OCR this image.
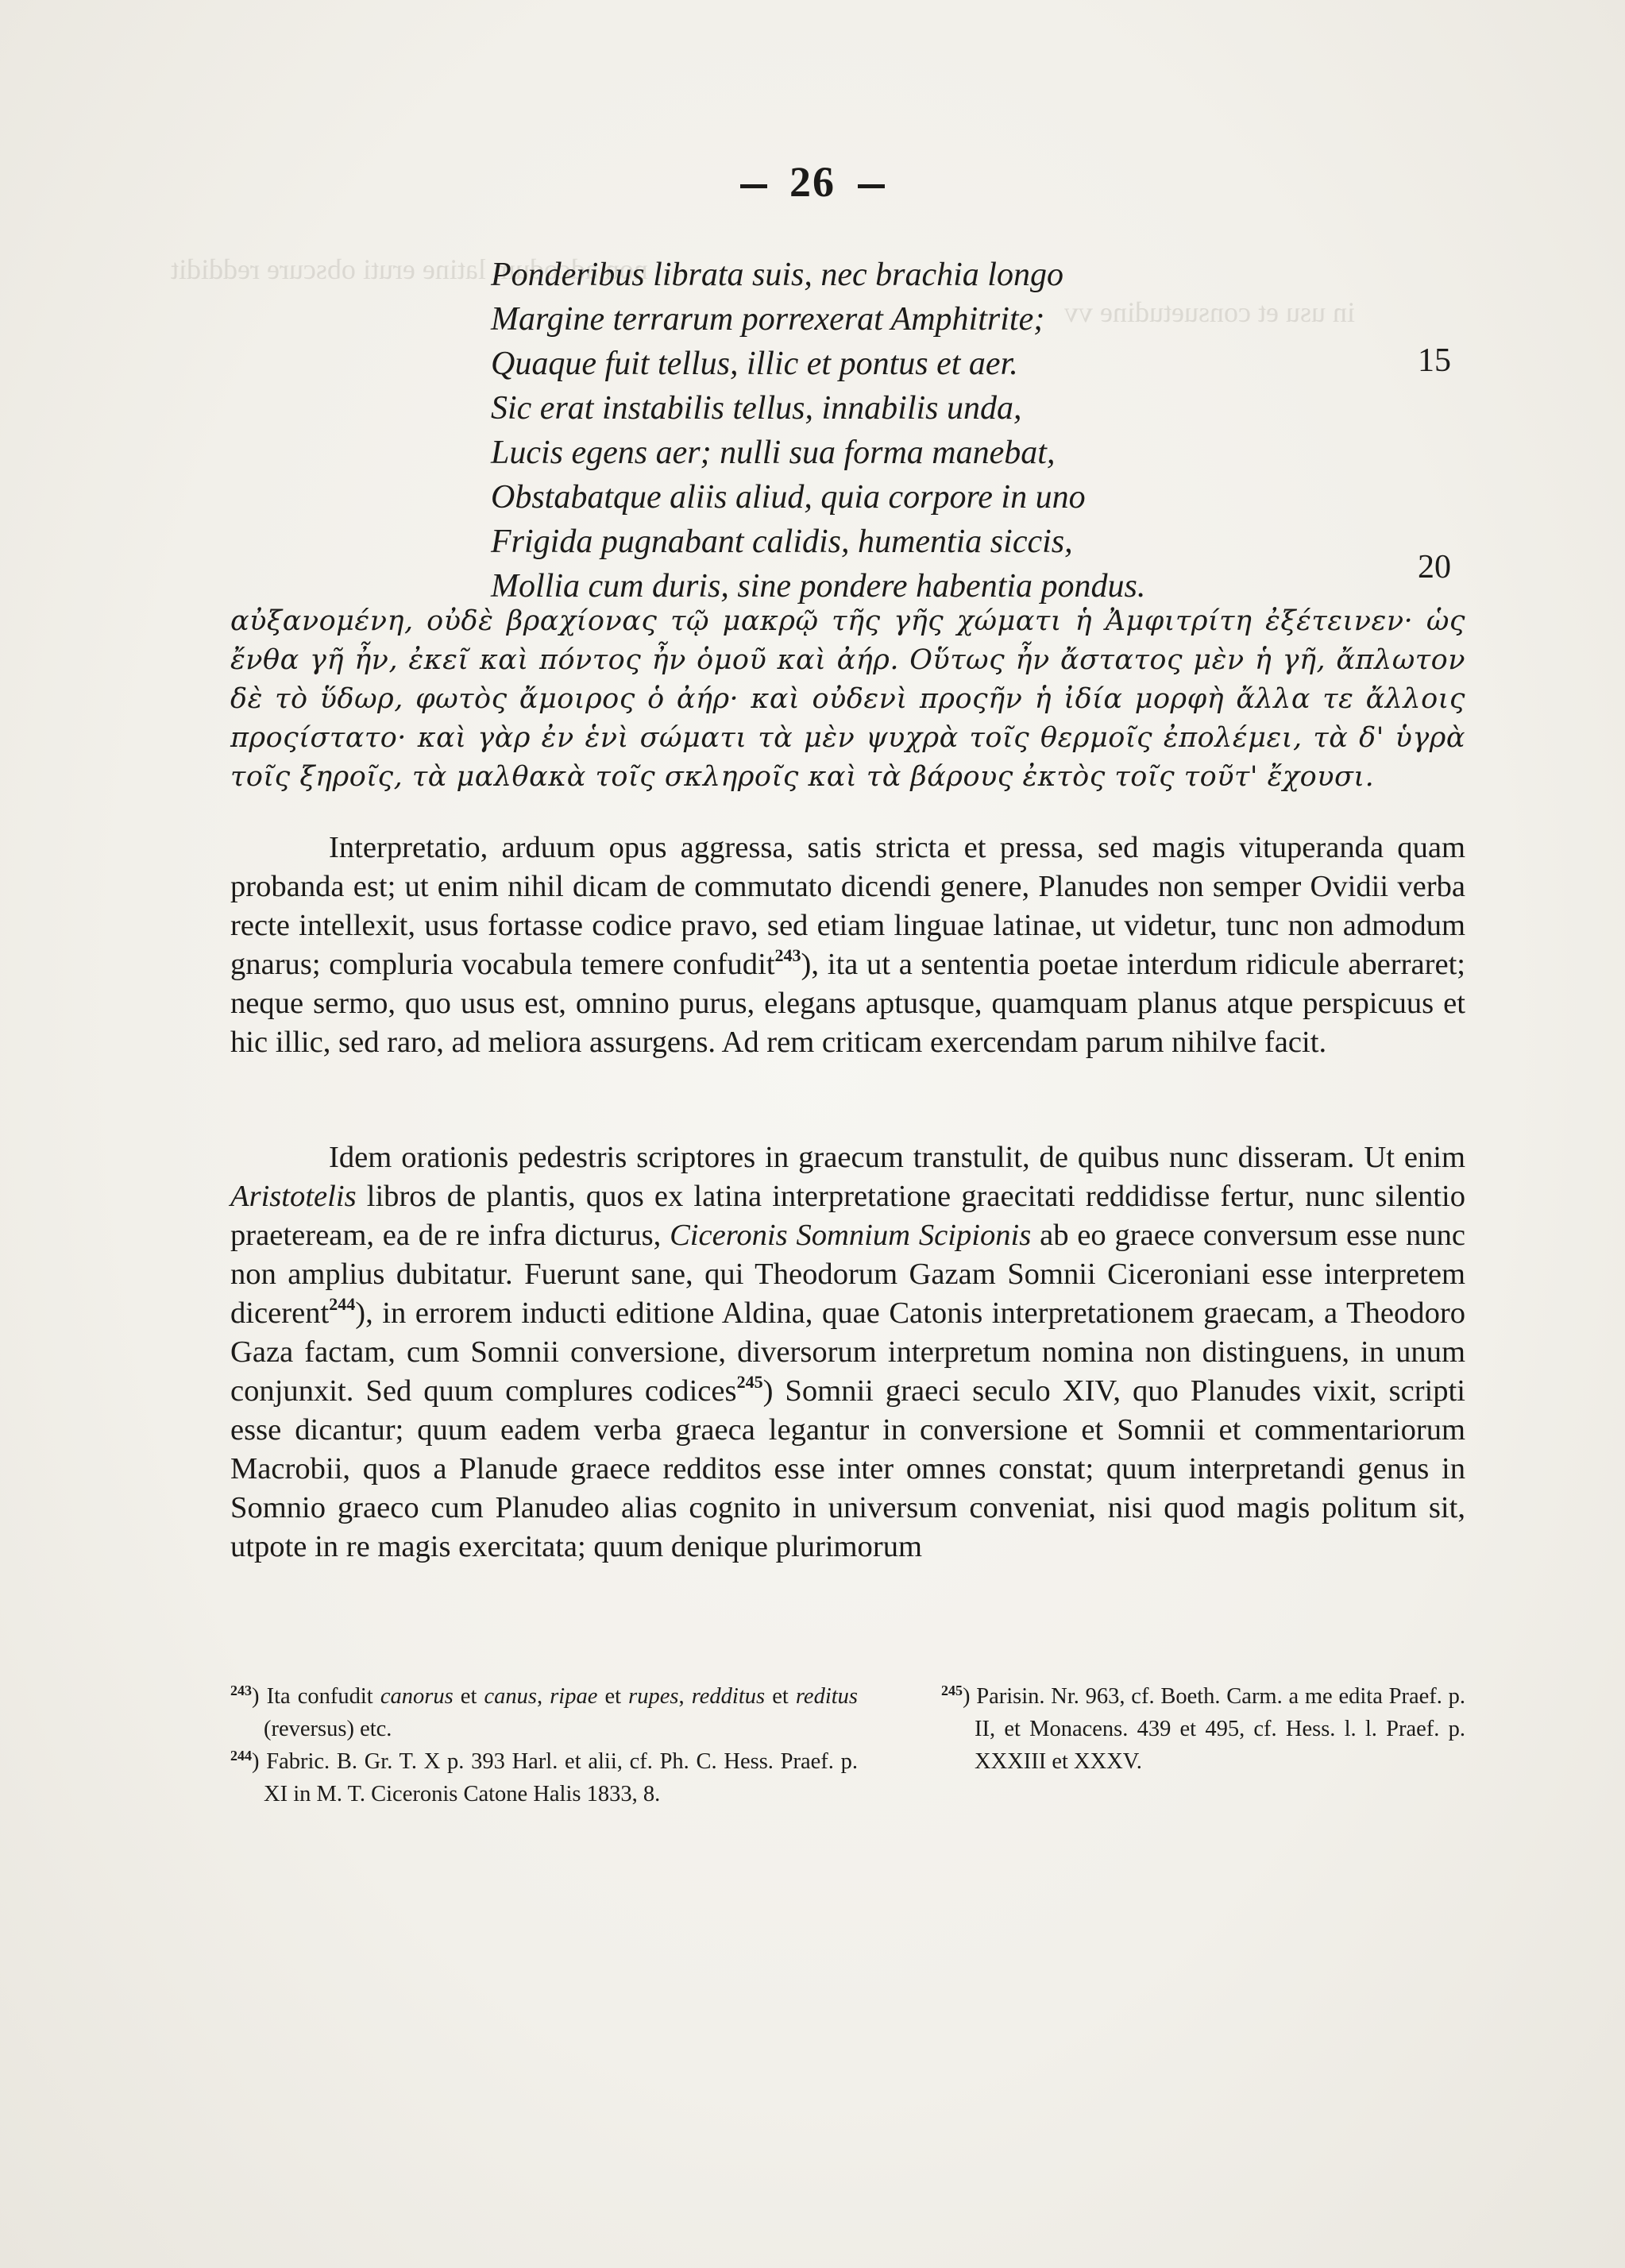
non adcodum latine eruti obscure reddidit
in usu et consuetudine vv
26
Ponderibus librata suis, nec brachia longo
Margine terrarum porrexerat Amphitrite;
Quaque fuit tellus, illic et pontus et aer.
Sic erat instabilis tellus, innabilis unda,
Lucis egens aer; nulli sua forma manebat,
Obstabatque aliis aliud, quia corpore in uno
Frigida pugnabant calidis, humentia siccis,
Mollia cum duris, sine pondere habentia pondus.
15
20
αὐξανομένη, οὐδὲ βραχίονας τῷ μακρῷ τῆς γῆς χώματι ἡ Ἀμφιτρίτη ἐξέτεινεν· ὡς ἔνθα γῆ ἦν, ἐκεῖ καὶ πόντος ἦν ὁμοῦ καὶ ἀήρ. Οὕτως ἦν ἄστατος μὲν ἡ γῆ, ἄπλωτον δὲ τὸ ὕδωρ, φωτὸς ἄμοιρος ὁ ἀήρ· καὶ οὐδενὶ προςῆν ἡ ἰδία μορφὴ ἄλλα τε ἄλλοις προςίστατο· καὶ γὰρ ἐν ἑνὶ σώματι τὰ μὲν ψυχρὰ τοῖς θερμοῖς ἐπολέμει, τὰ δ' ὑγρὰ τοῖς ξηροῖς, τὰ μαλθακὰ τοῖς σκληροῖς καὶ τὰ βάρους ἐκτὸς τοῖς τοῦτ' ἔχουσι.
Interpretatio, arduum opus aggressa, satis stricta et pressa, sed magis vituperanda quam probanda est; ut enim nihil dicam de commutato dicendi genere, Planudes non semper Ovidii verba recte intellexit, usus fortasse codice pravo, sed etiam linguae latinae, ut videtur, tunc non admodum gnarus; compluria vocabula temere confudit$^{243}$), ita ut a sententia poetae interdum ridicule aberraret; neque sermo, quo usus est, omnino purus, elegans aptusque, quamquam planus atque perspicuus et hic illic, sed raro, ad meliora assurgens. Ad rem criticam exercendam parum nihilve facit.
Idem orationis pedestris scriptores in graecum transtulit, de quibus nunc disseram. Ut enim Aristotelis libros de plantis, quos ex latina interpretatione graecitati reddidisse fertur, nunc silentio praeteream, ea de re infra dicturus, Ciceronis Somnium Scipionis ab eo graece conversum esse nunc non amplius dubitatur. Fuerunt sane, qui Theodorum Gazam Somnii Ciceroniani esse interpretem dicerent$^{244}$), in errorem inducti editione Aldina, quae Catonis interpretationem graecam, a Theodoro Gaza factam, cum Somnii conversione, diversorum interpretum nomina non distinguens, in unum conjunxit. Sed quum complures codices$^{245}$) Somnii graeci seculo XIV, quo Planudes vixit, scripti esse dicantur; quum eadem verba graeca legantur in conversione et Somnii et commentariorum Macrobii, quos a Planude graece redditos esse inter omnes constat; quum interpretandi genus in Somnio graeco cum Planudeo alias cognito in universum conveniat, nisi quod magis politum sit, utpote in re magis exercitata; quum denique plurimorum
$^{243}$) Ita confudit canorus et canus, ripae et rupes, redditus et reditus (reversus) etc.
$^{244}$) Fabric. B. Gr. T. X p. 393 Harl. et alii, cf. Ph. C. Hess. Praef. p. XI in M. T. Ciceronis Catone Halis 1833, 8.
$^{245}$) Parisin. Nr. 963, cf. Boeth. Carm. a me edita Praef. p. II, et Monacens. 439 et 495, cf. Hess. l. l. Praef. p. XXXIII et XXXV.
